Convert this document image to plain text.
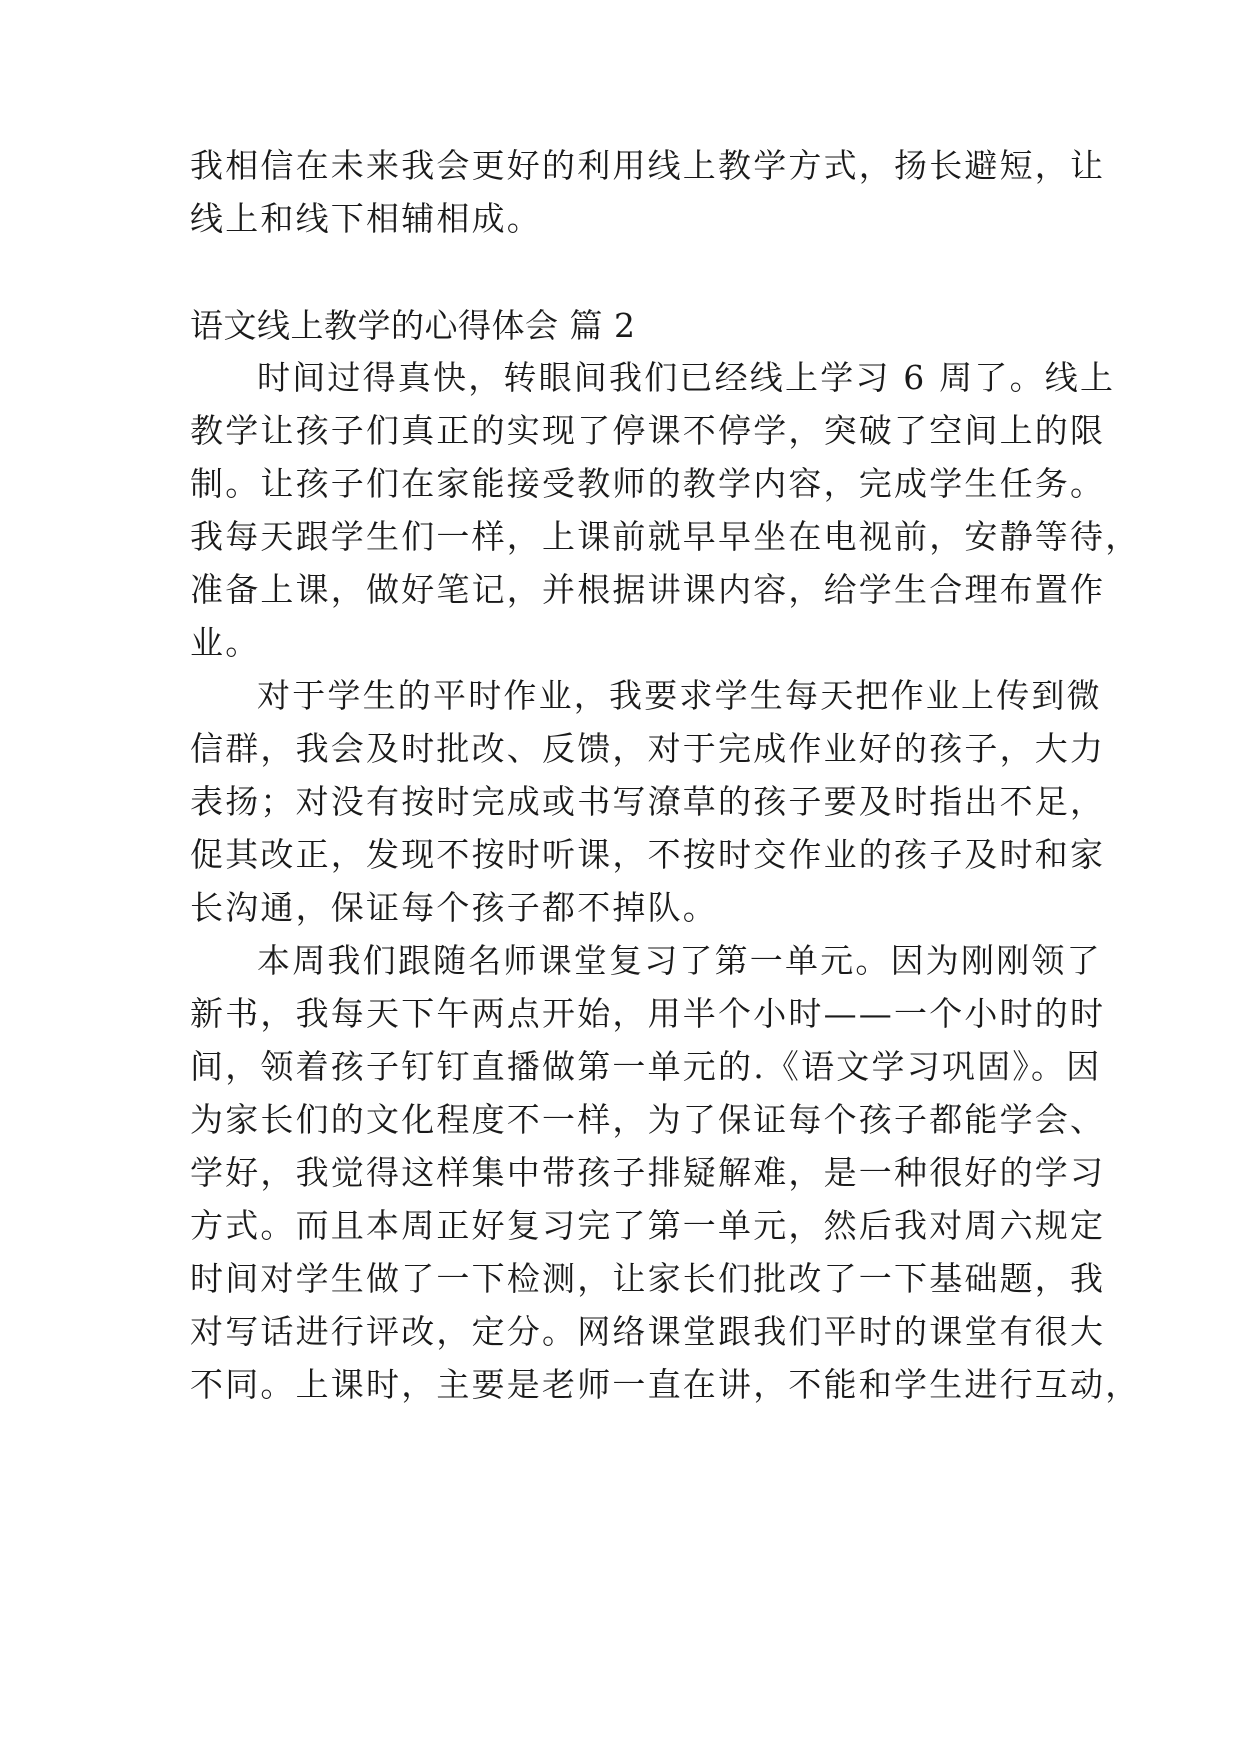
我相信在未来我会更好的利用线上教学方式，扬长避短，让
线上和线下相辅相成。
语文线上教学的心得体会 篇 2
时间过得真快，转眼间我们已经线上学习 6 周了。线上
教学让孩子们真正的实现了停课不停学，突破了空间上的限
制。让孩子们在家能接受教师的教学内容，完成学生任务。
我每天跟学生们一样，上课前就早早坐在电视前，安静等待，
准备上课，做好笔记，并根据讲课内容，给学生合理布置作
业。
对于学生的平时作业，我要求学生每天把作业上传到微
信群，我会及时批改、反馈，对于完成作业好的孩子，大力
表扬；对没有按时完成或书写潦草的孩子要及时指出不足，
促其改正，发现不按时听课，不按时交作业的孩子及时和家
长沟通，保证每个孩子都不掉队。
本周我们跟随名师课堂复习了第一单元。因为刚刚领了
新书，我每天下午两点开始，用半个小时——一个小时的时
间，领着孩子钉钉直播做第一单元的.《语文学习巩固》。因
为家长们的文化程度不一样，为了保证每个孩子都能学会、
学好，我觉得这样集中带孩子排疑解难，是一种很好的学习
方式。而且本周正好复习完了第一单元，然后我对周六规定
时间对学生做了一下检测，让家长们批改了一下基础题，我
对写话进行评改，定分。网络课堂跟我们平时的课堂有很大
不同。上课时，主要是老师一直在讲，不能和学生进行互动，
